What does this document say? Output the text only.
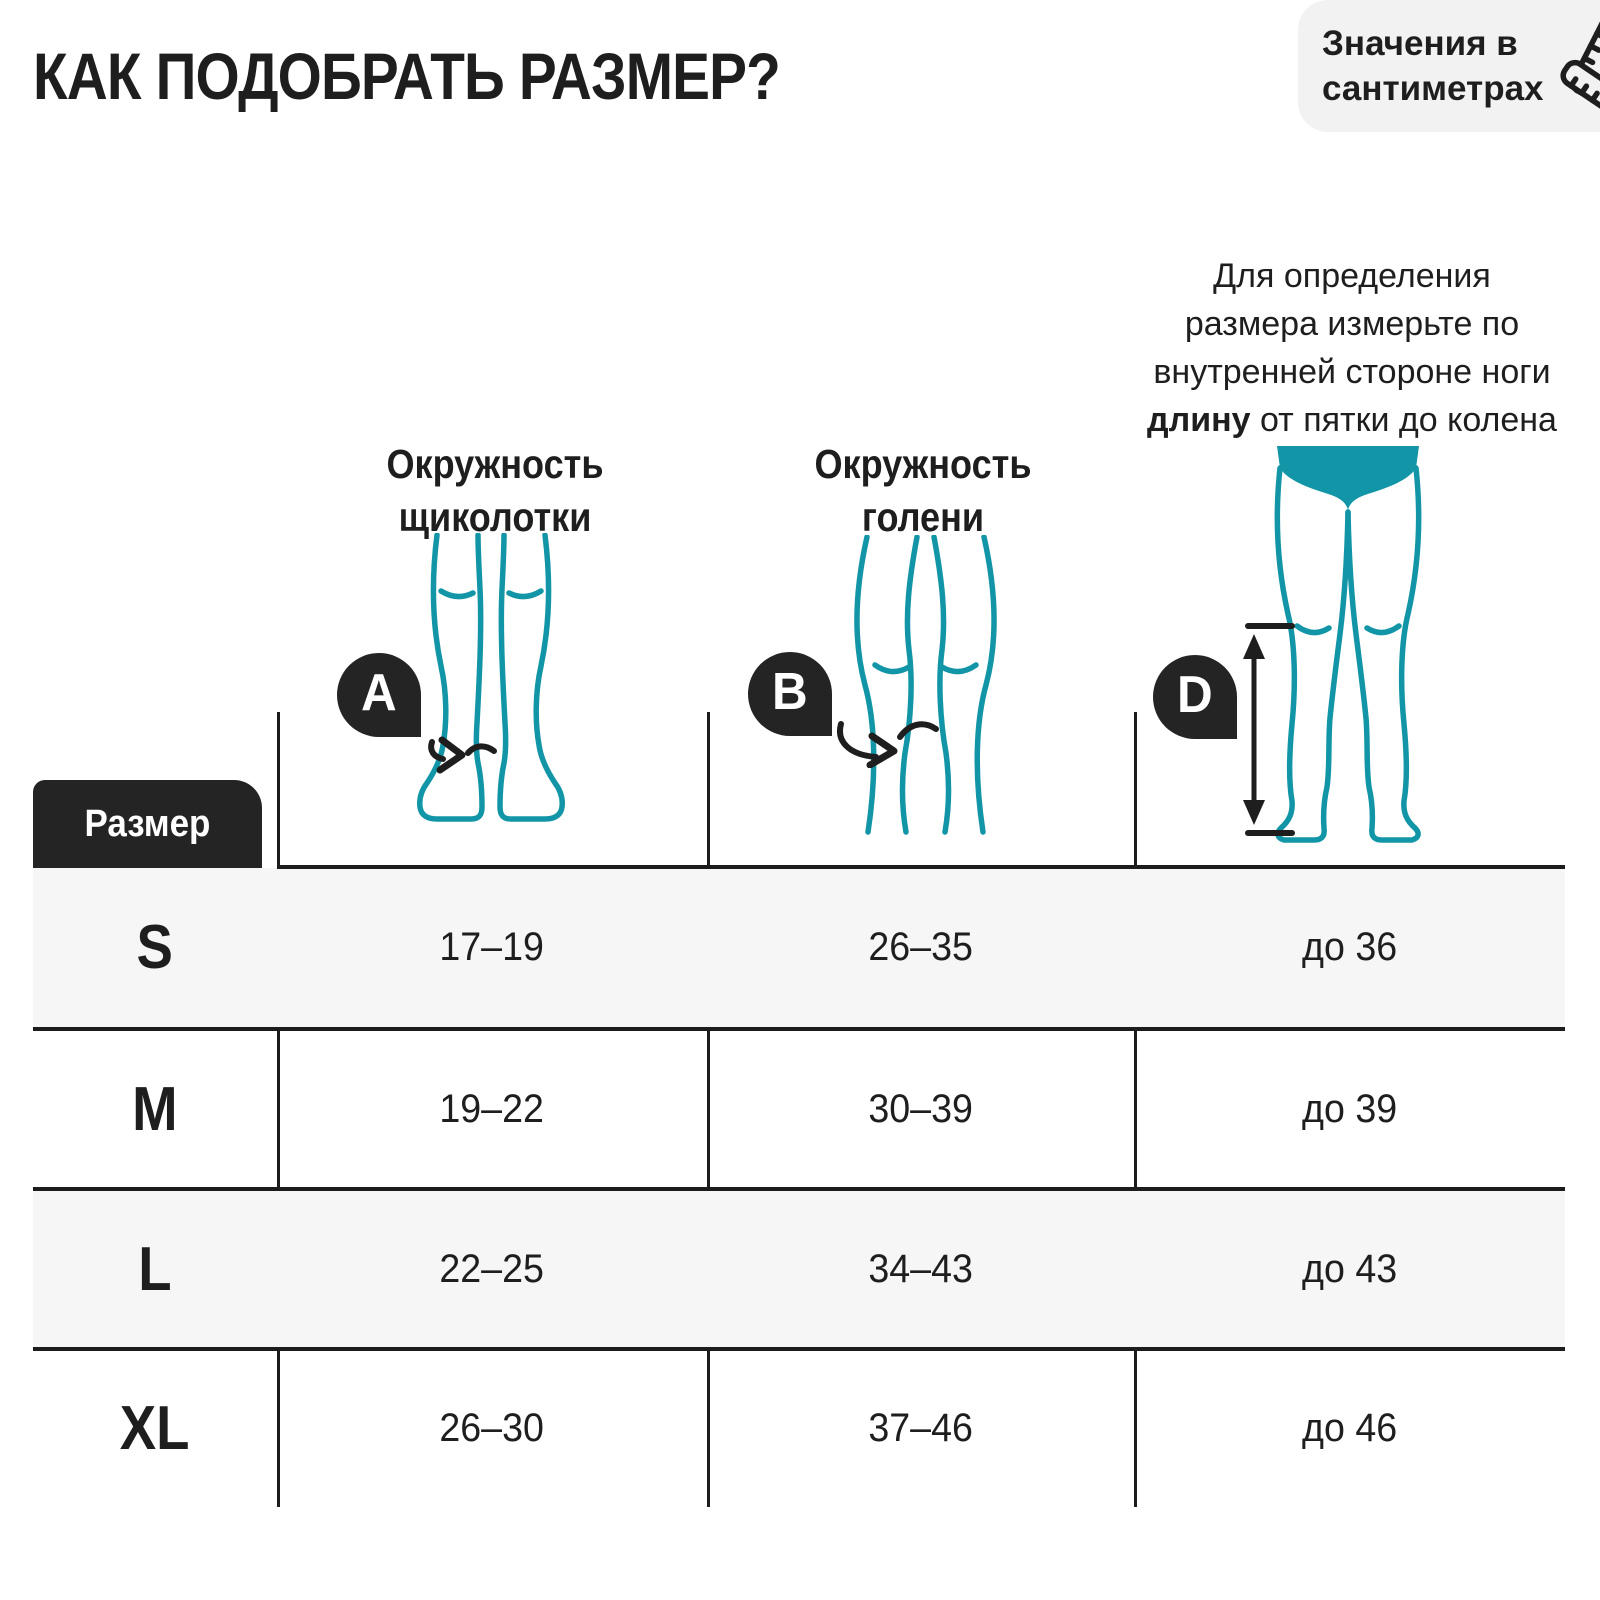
КАК ПОДОБРАТЬ РАЗМЕР?	Значения в
сантиметрах
Для определения
размера измерьте по
внутренней стороне ноги
длину от пятки до колена
Окружность щиколотки
Окружность голени
A	B	D
Размер
S	17–19	26–35	до 36
M	19–22	30–39	до 39
L	22–25	34–43	до 43
XL	26–30	37–46	до 46
